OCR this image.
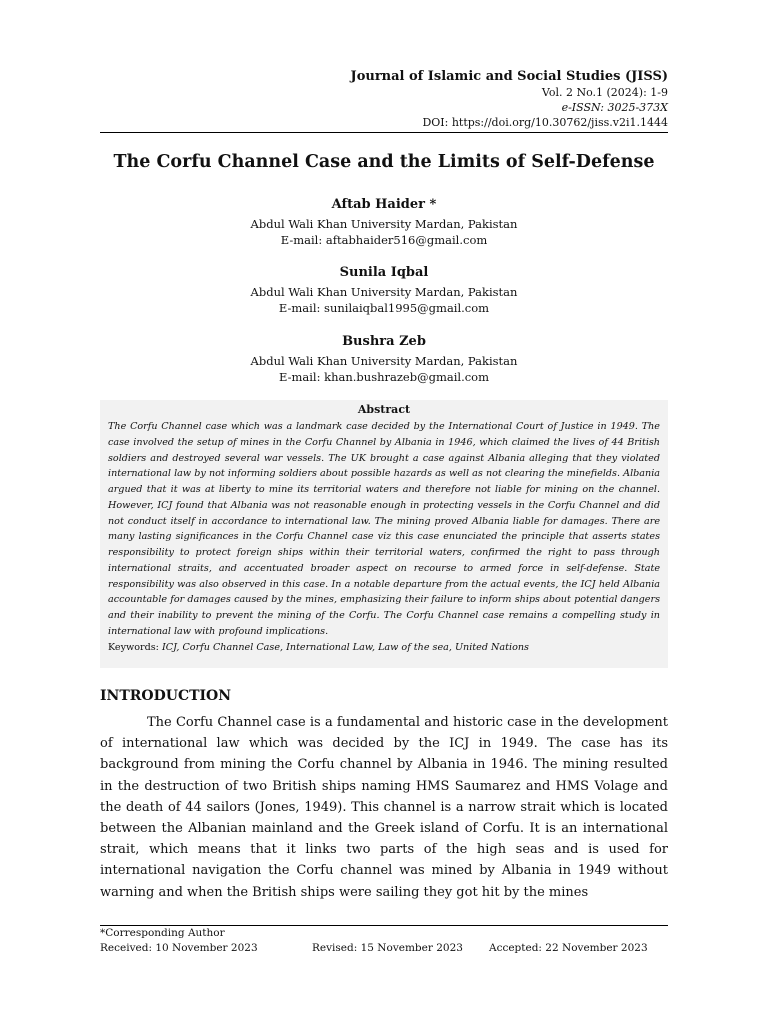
Journal of Islamic and Social Studies (JISS)
Vol. 2 No.1 (2024): 1-9
e-ISSN: 3025-373X
DOI: https://doi.org/10.30762/jiss.v2i1.1444
The Corfu Channel Case and the Limits of Self-Defense
Aftab Haider *
Abdul Wali Khan University Mardan, Pakistan
E-mail: aftabhaider516@gmail.com
Sunila Iqbal
Abdul Wali Khan University Mardan, Pakistan
E-mail: sunilaiqbal1995@gmail.com
Bushra Zeb
Abdul Wali Khan University Mardan, Pakistan
E-mail: khan.bushrazeb@gmail.com
Abstract

The Corfu Channel case which was a landmark case decided by the International Court of Justice in 1949. The case involved the setup of mines in the Corfu Channel by Albania in 1946, which claimed the lives of 44 British soldiers and destroyed several war vessels. The UK brought a case against Albania alleging that they violated international law by not informing soldiers about possible hazards as well as not clearing the minefields. Albania argued that it was at liberty to mine its territorial waters and therefore not liable for mining on the channel. However, ICJ found that Albania was not reasonable enough in protecting vessels in the Corfu Channel and did not conduct itself in accordance to international law. The mining proved Albania liable for damages. There are many lasting significances in the Corfu Channel case viz this case enunciated the principle that asserts states responsibility to protect foreign ships within their territorial waters, confirmed the right to pass through international straits, and accentuated broader aspect on recourse to armed force in self-defense. State responsibility was also observed in this case. In a notable departure from the actual events, the ICJ held Albania accountable for damages caused by the mines, emphasizing their failure to inform ships about potential dangers and their inability to prevent the mining of the Corfu. The Corfu Channel case remains a compelling study in international law with profound implications.

Keywords: ICJ, Corfu Channel Case, International Law, Law of the sea, United Nations

INTRODUCTION

The Corfu Channel case is a fundamental and historic case in the development of international law which was decided by the ICJ in 1949. The case has its background from mining the Corfu channel by Albania in 1946. The mining resulted in the destruction of two British ships naming HMS Saumarez and HMS Volage and the death of 44 sailors (Jones, 1949). This channel is a narrow strait which is located between the Albanian mainland and the Greek island of Corfu. It is an international strait, which means that it links two parts of the high seas and is used for international navigation the Corfu channel was mined by Albania in 1949 without warning and when the British ships were sailing they got hit by the mines

*Corresponding Author
Received: 10 November 2023	Revised: 15 November 2023 Accepted: 22 November 2023
